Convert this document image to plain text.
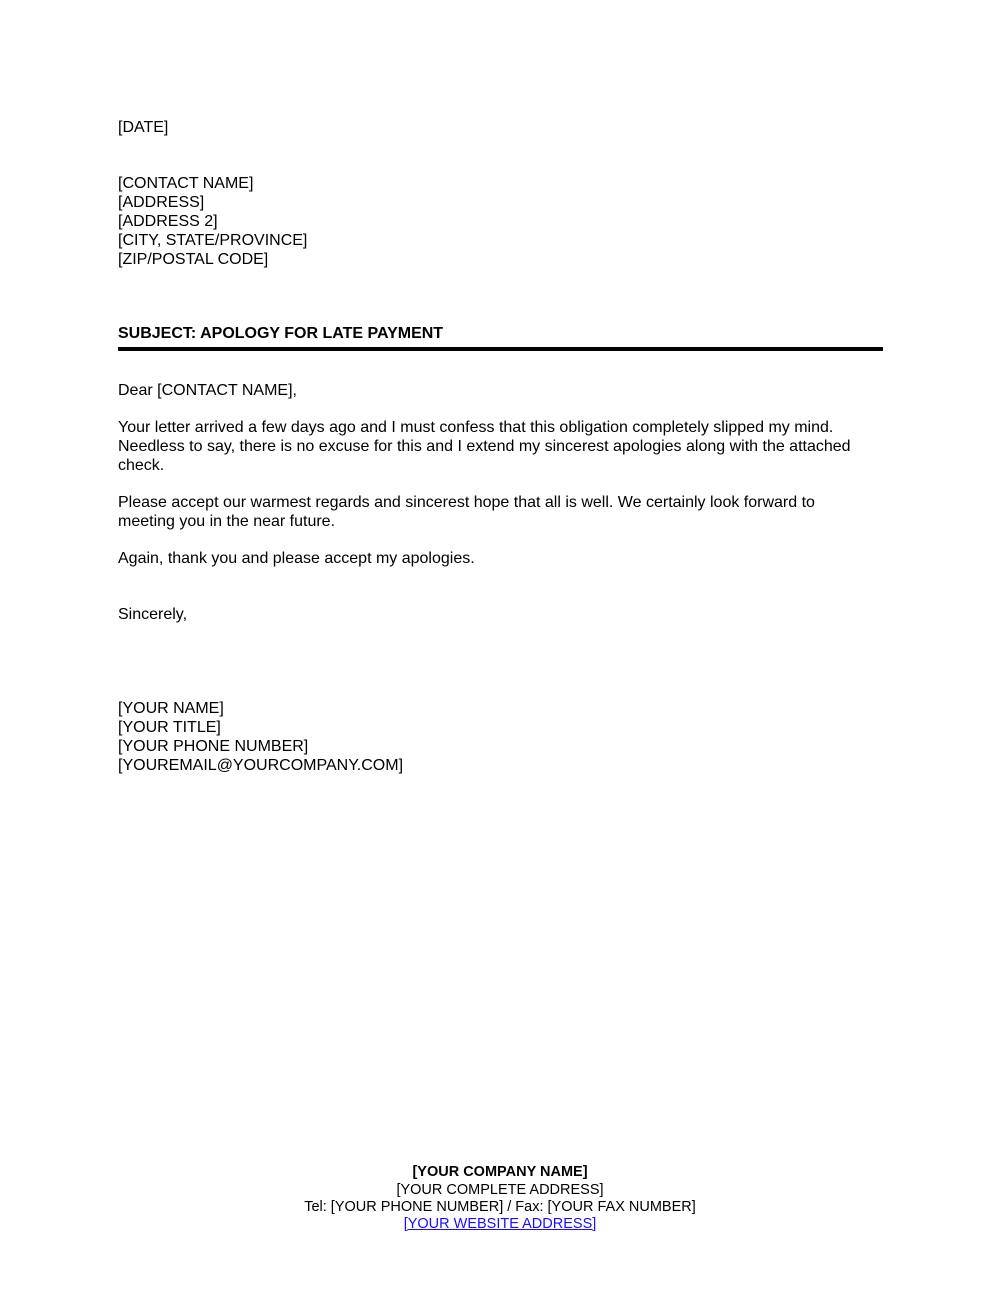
[DATE]
[CONTACT NAME]
[ADDRESS]
[ADDRESS 2]
[CITY, STATE/PROVINCE]
[ZIP/POSTAL CODE]
SUBJECT: APOLOGY FOR LATE PAYMENT
Dear [CONTACT NAME],
Your letter arrived a few days ago and I must confess that this obligation completely slipped my mind.
Needless to say, there is no excuse for this and I extend my sincerest apologies along with the attached
check.
Please accept our warmest regards and sincerest hope that all is well. We certainly look forward to
meeting you in the near future.
Again, thank you and please accept my apologies.
Sincerely,
[YOUR NAME]
[YOUR TITLE]
[YOUR PHONE NUMBER]
[YOUREMAIL@YOURCOMPANY.COM]
[YOUR COMPANY NAME]
[YOUR COMPLETE ADDRESS]
Tel: [YOUR PHONE NUMBER] / Fax: [YOUR FAX NUMBER]
[YOUR WEBSITE ADDRESS]
